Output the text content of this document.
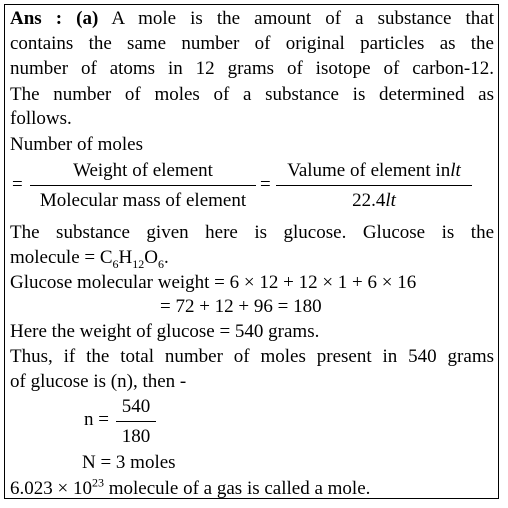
Ans : (a) A mole is the amount of a substance that
contains the same number of original particles as the
number of atoms in 12 grams of isotope of carbon-12.
The number of moles of a substance is determined as
follows.
Number of moles
=
Weight of element
Molecular mass of element
=
Valume of element inlt
22.4lt
The substance given here is glucose. Glucose is the
molecule = $C_6H_{12}O_6$.
Glucose molecular weight = 6 × 12 + 12 × 1 + 6 × 16
= 72 + 12 + 96 = 180
Here the weight of glucose = 540 grams.
Thus, if the total number of moles present in 540 grams
of glucose is (n), then -
n =
540
180
N = 3 moles
$6.023 \times 10^{23}$ molecule of a gas is called a mole.
